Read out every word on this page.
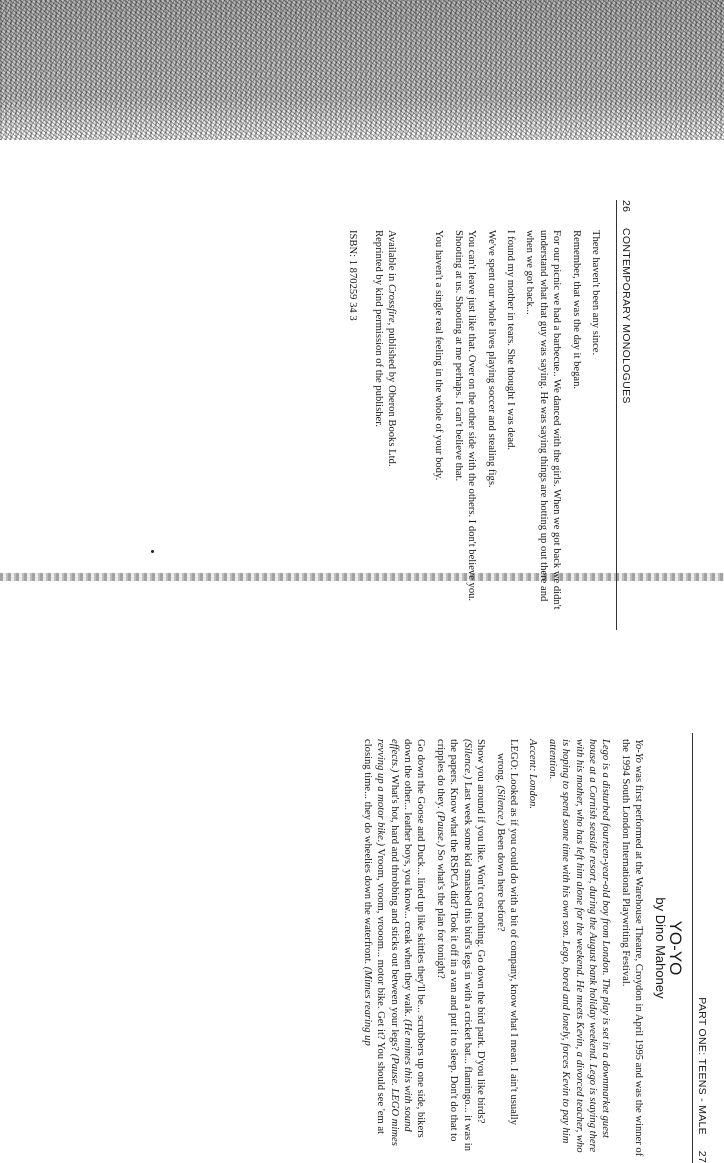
26
CONTEMPORARY MONOLOGUES

There haven't been any since.

Remember, that was the day it began.

For our picnic we had a barbecue.. We danced with the girls. When we got back we didn't understand what that guy was saying. He was saying things are hotting up out there and when we got back...

I found my mother in tears. She thought I was dead.

We've spent our whole lives playing soccer and stealing figs.

You can't leave just like that. Over on the other side with the others. I don't believe you. Shooting at us. Shooting at me perhaps. I can't believe that.

You haven't a single real feeling in the whole of your body.

Available in Crossfire, published by Oberon Books Ltd.

Reprinted by kind permission of the publisher.

ISBN: 1 870259 34 3

PART ONE: TEENS - MALE
27
YO-YO
by Dino Mahoney

Yo-Yo was first performed at the Warehouse Theatre, Croydon in April 1995 and was the winner of the 1994 South London International Playwriting Festival.

Lego is a disturbed fourteen-year-old boy from London. The play is set in a downmarket guest house at a Cornish seaside resort, during the August bank holiday weekend. Lego is staying there with his mother, who has left him alone for the weekend. He meets Kevin, a divorced teacher, who is hoping to spend some time with his own son. Lego, bored and lonely, forces Kevin to pay him attention.

Accent: London.

LEGO: Looked as if you could do with a bit of company, know what I mean. I ain't usually wrong. (Silence.) Been down here before?

Show you around if you like. Won't cost nothing. Go down the bird park. D'you like birds? (Silence.) Last week some kid smashed this bird's legs in with a cricket bat... flamingo... it was in the papers. Know what the RSPCA did? Took it off in a van and put it to sleep. Don't do that to cripples do they. (Pause.) So what's the plan for tonight?

Go down the Goose and Duck... lined up like skittles they'll be... scrubbers up one side, bikers down the other... leather boys, you know... creak when they walk. (He mimes this with sound effects.) What's hot, hard and throbbing and sticks out between your legs? (Pause. LEGO mimes revving up a motor bike.) Vroom, vroom, vrooom... motor bike. Get it? You should see 'em at closing time... they do wheelies down the waterfront. (Mimes rearing up
